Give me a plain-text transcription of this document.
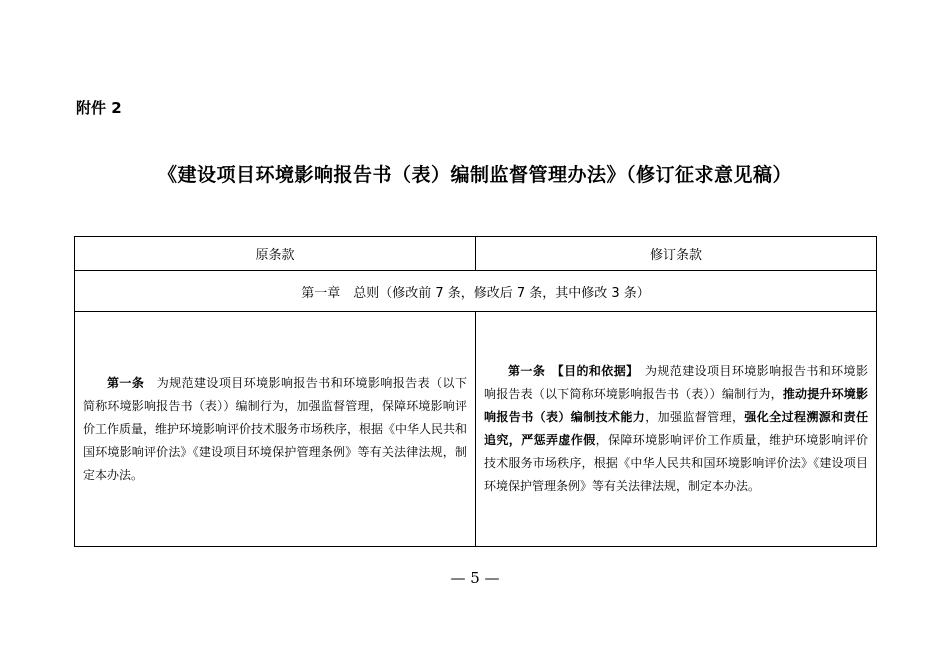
附件 2
《建设项目环境影响报告书（表）编制监督管理办法》（修订征求意见稿）
原条款	修订条款
第一章　总则（修改前 7 条，修改后 7 条，其中修改 3 条）	

第一条　 为规范建设项目环境影响报告书和环境影响报告表（以下简称环境影响报告书（表））编制行为，加强监督管理，保障环境影响评价工作质量，维护环境影响评价技术服务市场秩序，根据《中华人民共和国环境影响评价法》《建设项目环境保护管理条例》等有关法律法规，制定本办法。	第一条　 【目的和依据】　 为规范建设项目环境影响报告书和环境影响报告表（以下简称环境影响报告书（表））编制行为，推动提升环境影响报告书（表）编制技术能力，加强监督管理，强化全过程溯源和责任追究，严惩弄虚作假，保障环境影响评价工作质量，维护环境影响评价技术服务市场秩序，根据《中华人民共和国环境影响评价法》《建设项目环境保护管理条例》等有关法律法规，制定本办法。

— 5 —
